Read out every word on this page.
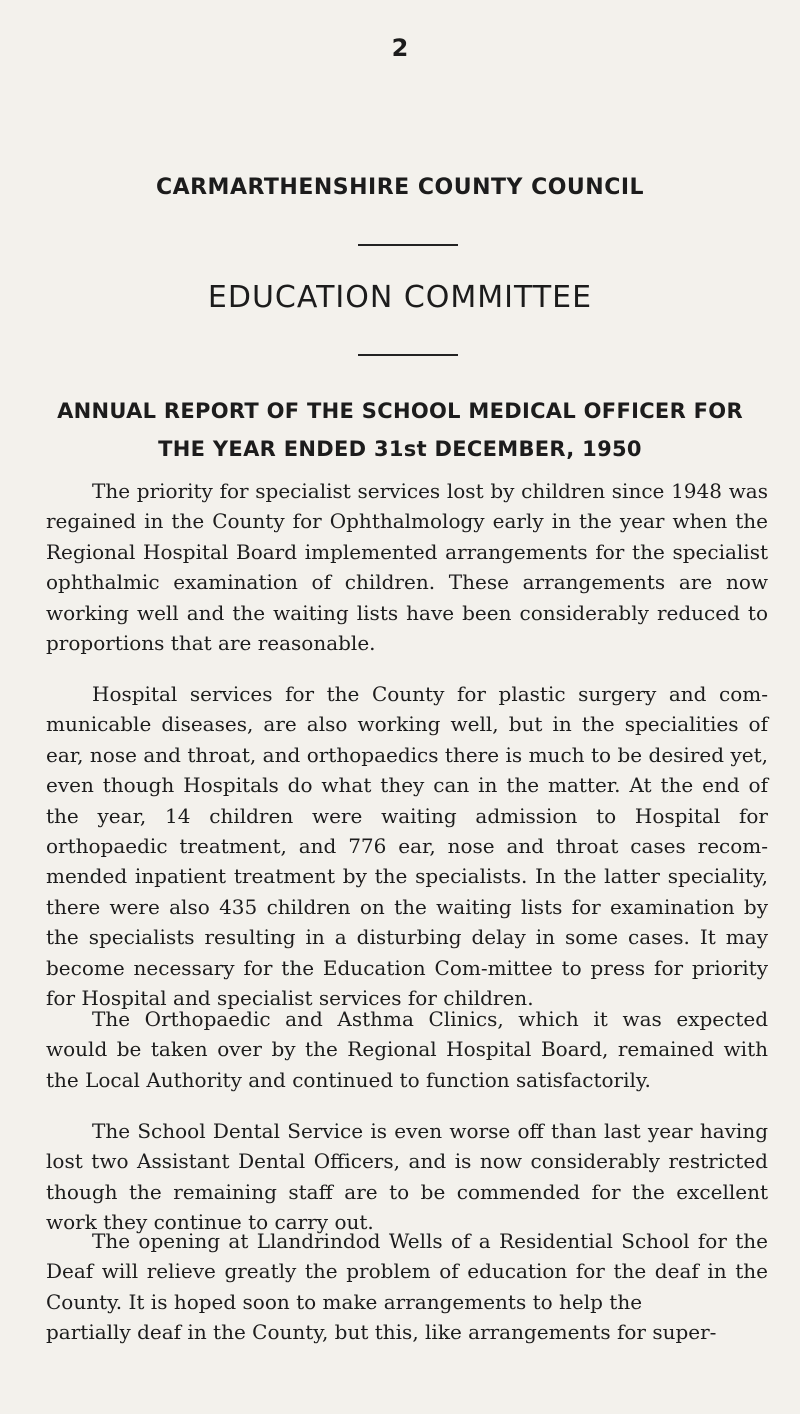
2
CARMARTHENSHIRE COUNTY COUNCIL
EDUCATION COMMITTEE
ANNUAL REPORT OF THE SCHOOL MEDICAL OFFICER FOR
THE YEAR ENDED 31st DECEMBER, 1950

The priority for specialist services lost by children since 1948 was regained in the County for Ophthalmology early in the year when the Regional Hospital Board implemented arrangements for the specialist ophthalmic examination of children. These arrangements are now working well and the waiting lists have been considerably reduced to proportions that are reasonable.

Hospital services for the County for plastic surgery and com-municable diseases, are also working well, but in the specialities of ear, nose and throat, and orthopaedics there is much to be desired yet, even though Hospitals do what they can in the matter. At the end of the year, 14 children were waiting admission to Hospital for orthopaedic treatment, and 776 ear, nose and throat cases recom-mended inpatient treatment by the specialists. In the latter speciality, there were also 435 children on the waiting lists for examination by the specialists resulting in a disturbing delay in some cases. It may become necessary for the Education Com-mittee to press for priority for Hospital and specialist services for children.

The Orthopaedic and Asthma Clinics, which it was expected would be taken over by the Regional Hospital Board, remained with the Local Authority and continued to function satisfactorily.

The School Dental Service is even worse off than last year having lost two Assistant Dental Officers, and is now considerably restricted though the remaining staff are to be commended for the excellent work they continue to carry out.

The opening at Llandrindod Wells of a Residential School for the Deaf will relieve greatly the problem of education for the deaf in the County. It is hoped soon to make arrangements to help the
partially deaf in the County, but this, like arrangements for super-
